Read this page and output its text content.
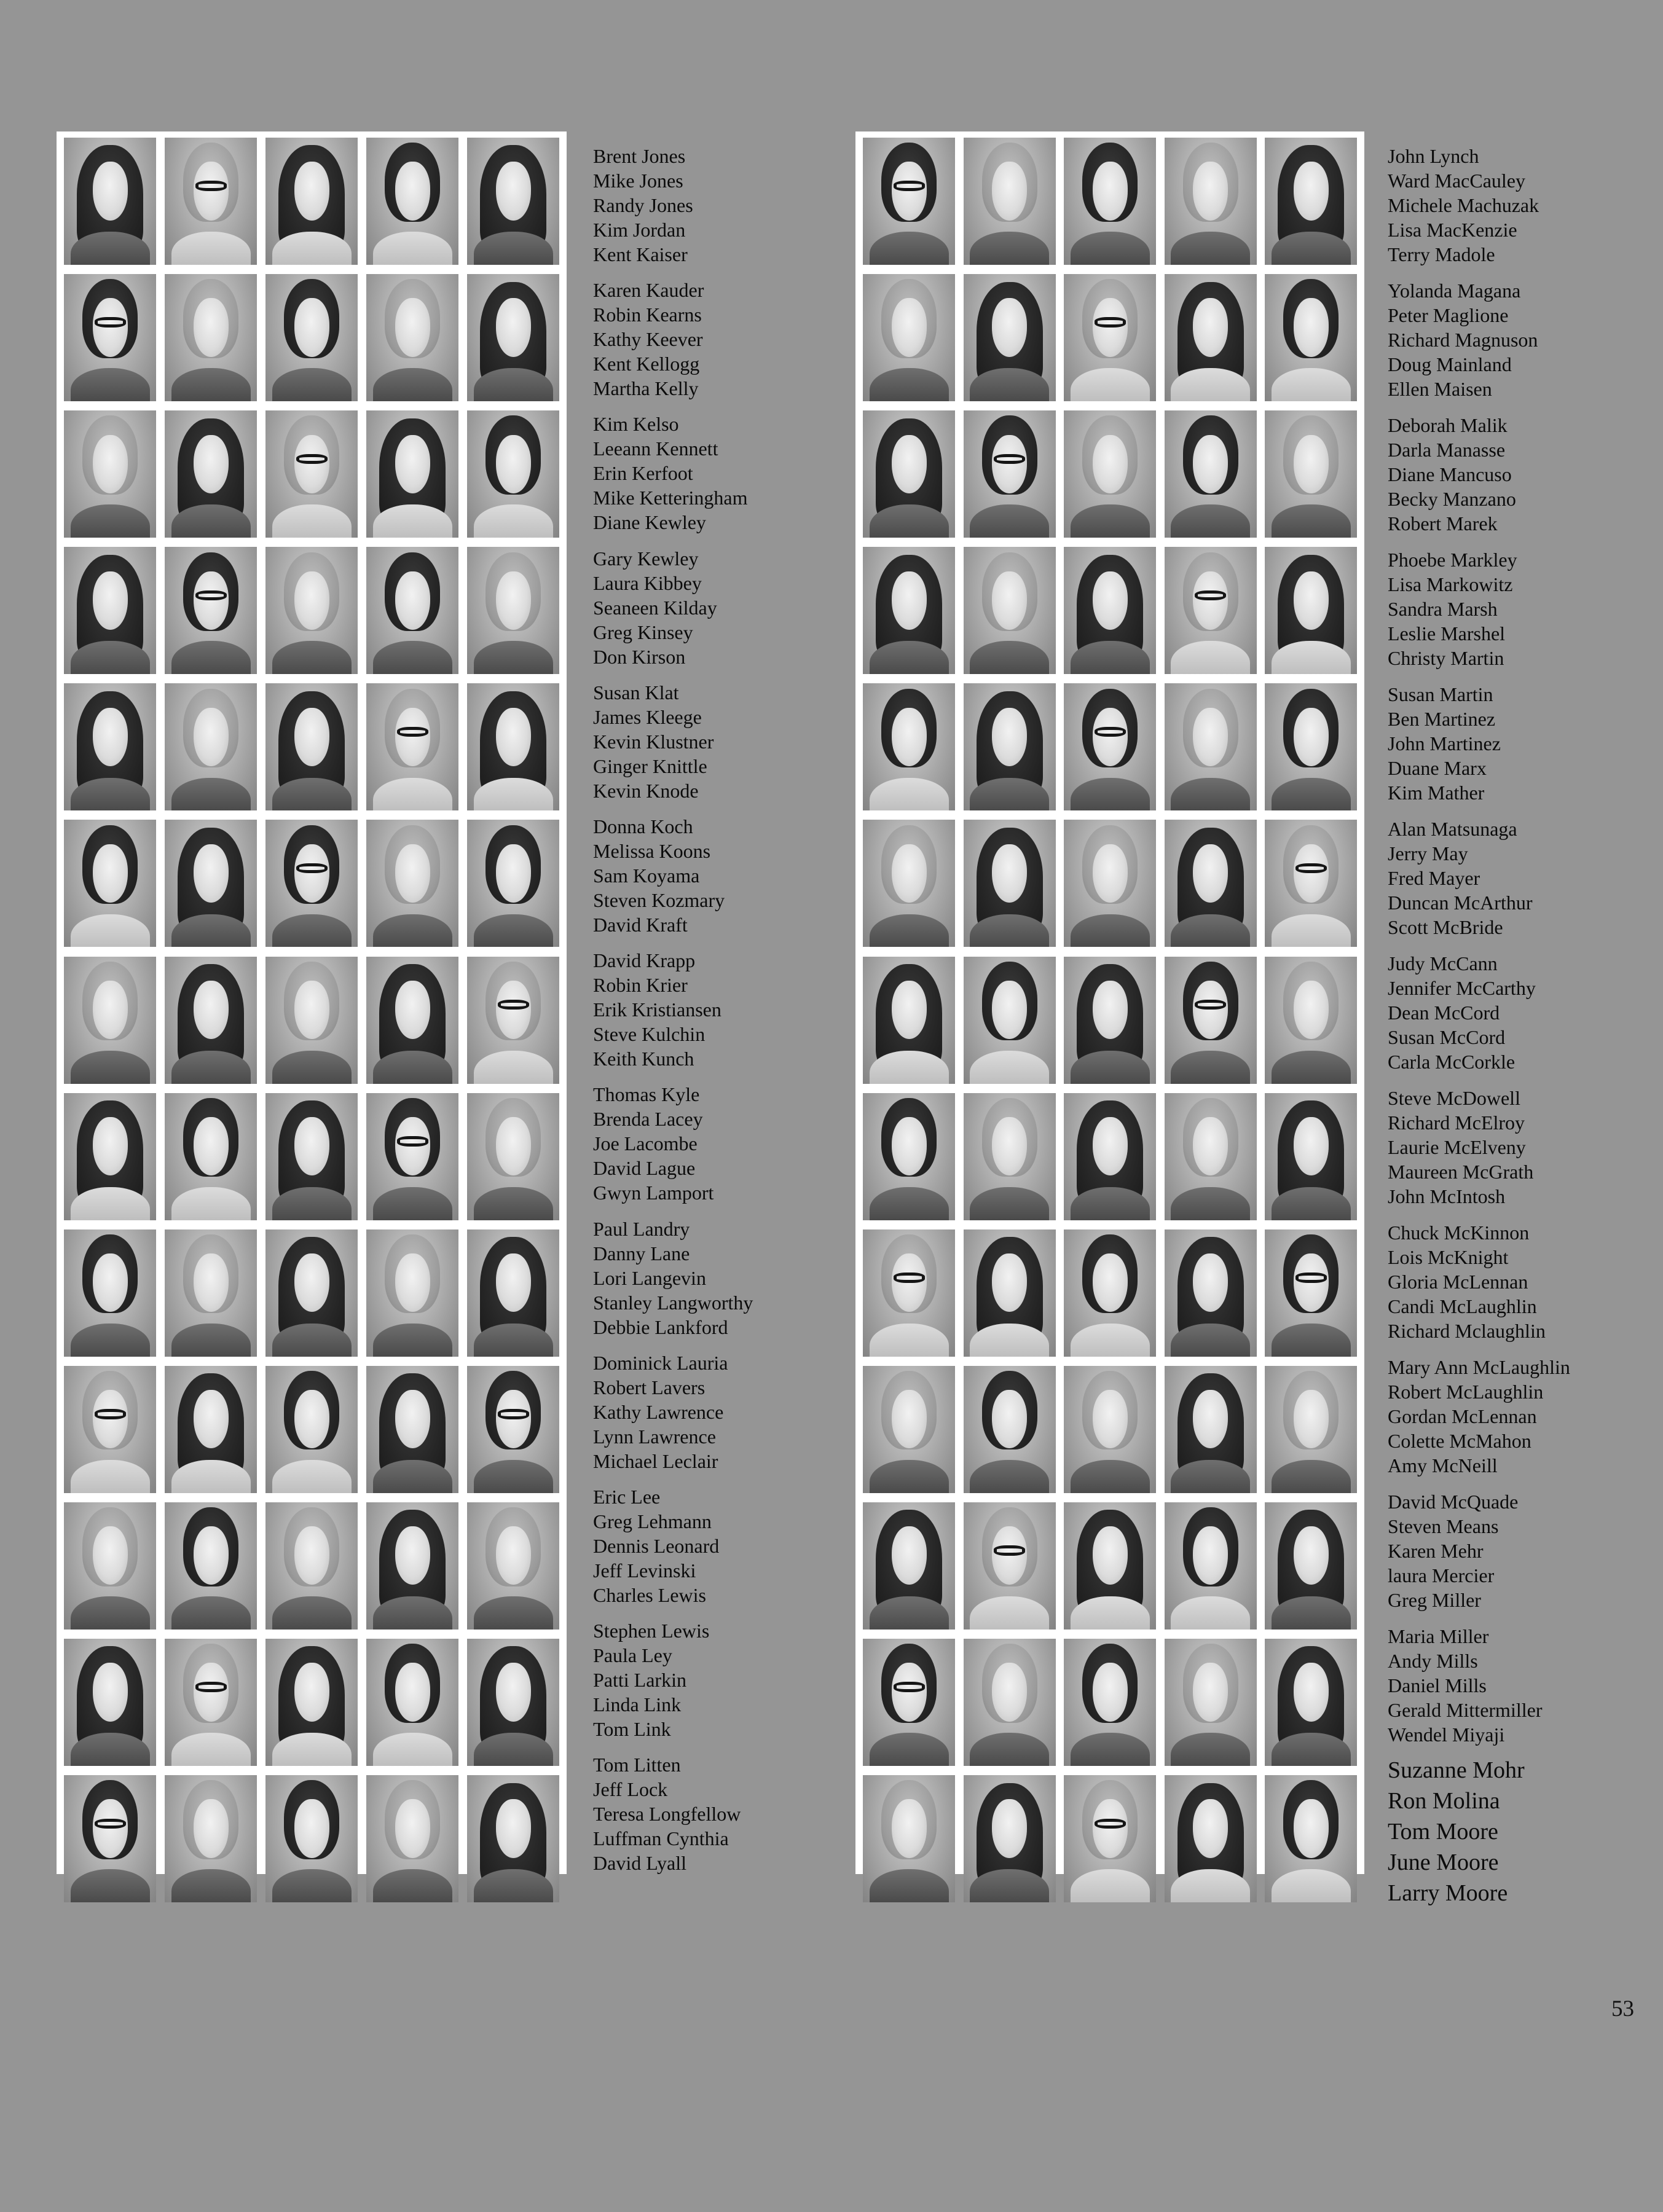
Brent Jones
Mike Jones
Randy Jones
Kim Jordan
Kent Kaiser
Karen Kauder
Robin Kearns
Kathy Keever
Kent Kellogg
Martha Kelly
Kim Kelso
Leeann Kennett
Erin Kerfoot
Mike Ketteringham
Diane Kewley
Gary Kewley
Laura Kibbey
Seaneen Kilday
Greg Kinsey
Don Kirson
Susan Klat
James Kleege
Kevin Klustner
Ginger Knittle
Kevin Knode
Donna Koch
Melissa Koons
Sam Koyama
Steven Kozmary
David Kraft
David Krapp
Robin Krier
Erik Kristiansen
Steve Kulchin
Keith Kunch
Thomas Kyle
Brenda Lacey
Joe Lacombe
David Lague
Gwyn Lamport
Paul Landry
Danny Lane
Lori Langevin
Stanley Langworthy
Debbie Lankford
Dominick Lauria
Robert Lavers
Kathy Lawrence
Lynn Lawrence
Michael Leclair
Eric Lee
Greg Lehmann
Dennis Leonard
Jeff Levinski
Charles Lewis
Stephen Lewis
Paula Ley
Patti Larkin
Linda Link
Tom Link
Tom Litten
Jeff Lock
Teresa Longfellow
Luffman Cynthia
David Lyall
John Lynch
Ward MacCauley
Michele Machuzak
Lisa MacKenzie
Terry Madole
Yolanda Magana
Peter Maglione
Richard Magnuson
Doug Mainland
Ellen Maisen
Deborah Malik
Darla Manasse
Diane Mancuso
Becky Manzano
Robert Marek
Phoebe Markley
Lisa Markowitz
Sandra Marsh
Leslie Marshel
Christy Martin
Susan Martin
Ben Martinez
John Martinez
Duane Marx
Kim Mather
Alan Matsunaga
Jerry May
Fred Mayer
Duncan McArthur
Scott McBride
Judy McCann
Jennifer McCarthy
Dean McCord
Susan McCord
Carla McCorkle
Steve McDowell
Richard McElroy
Laurie McElveny
Maureen McGrath
John McIntosh
Chuck McKinnon
Lois McKnight
Gloria McLennan
Candi McLaughlin
Richard Mclaughlin
Mary Ann McLaughlin
Robert McLaughlin
Gordan McLennan
Colette McMahon
Amy McNeill
David McQuade
Steven Means
Karen Mehr
laura Mercier
Greg Miller
Maria Miller
Andy Mills
Daniel Mills
Gerald Mittermiller
Wendel Miyaji
Suzanne Mohr
Ron Molina
Tom Moore
June Moore
Larry Moore
53
